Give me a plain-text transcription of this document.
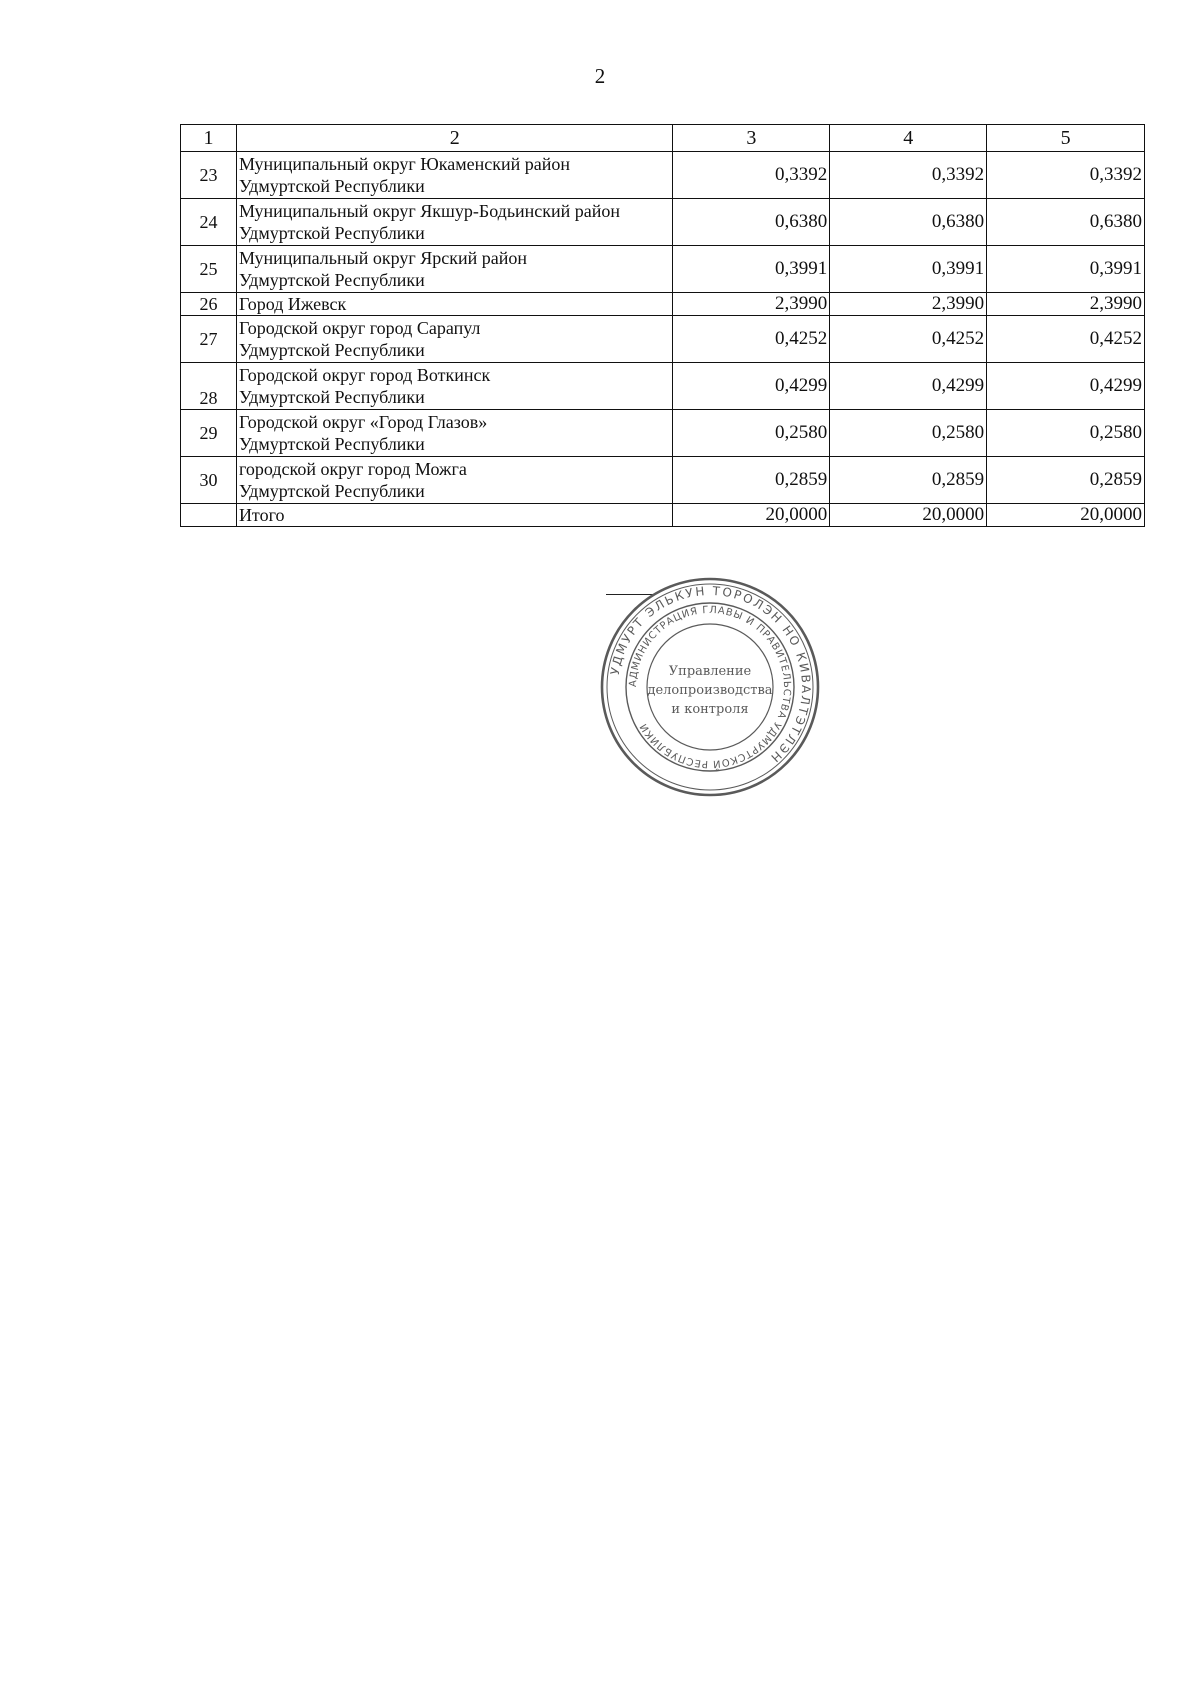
2
1	2	3	4	5
23	Муниципальный округ Юкаменский район
Удмуртской Республики	0,3392	0,3392	0,3392
24	Муниципальный округ Якшур-Бодьинский район
Удмуртской Республики	0,6380	0,6380	0,6380
25	Муниципальный округ Ярский район
Удмуртской Республики	0,3991	0,3991	0,3991
26	Город Ижевск	2,3990	2,3990	2,3990
27	Городской округ город Сарапул
Удмуртской Республики	0,4252	0,4252	0,4252
28	Городской округ город Воткинск
Удмуртской Республики	0,4299	0,4299	0,4299
29	Городской округ «Город Глазов»
Удмуртской Республики	0,2580	0,2580	0,2580
30	городской округ город Можга
Удмуртской Республики	0,2859	0,2859	0,2859
	Итого	20,0000	20,0000	20,0000
УДМУРТ ЭЛЬКУН ТОРОЛЭН НО КИВАЛТЭТЛЭН
АДМИНИСТРАЦИЯ ГЛАВЫ И ПРАВИТЕЛЬСТВА УДМУРТСКОЙ РЕСПУБЛИКИ
Управление
делопроизводства
и контроля
